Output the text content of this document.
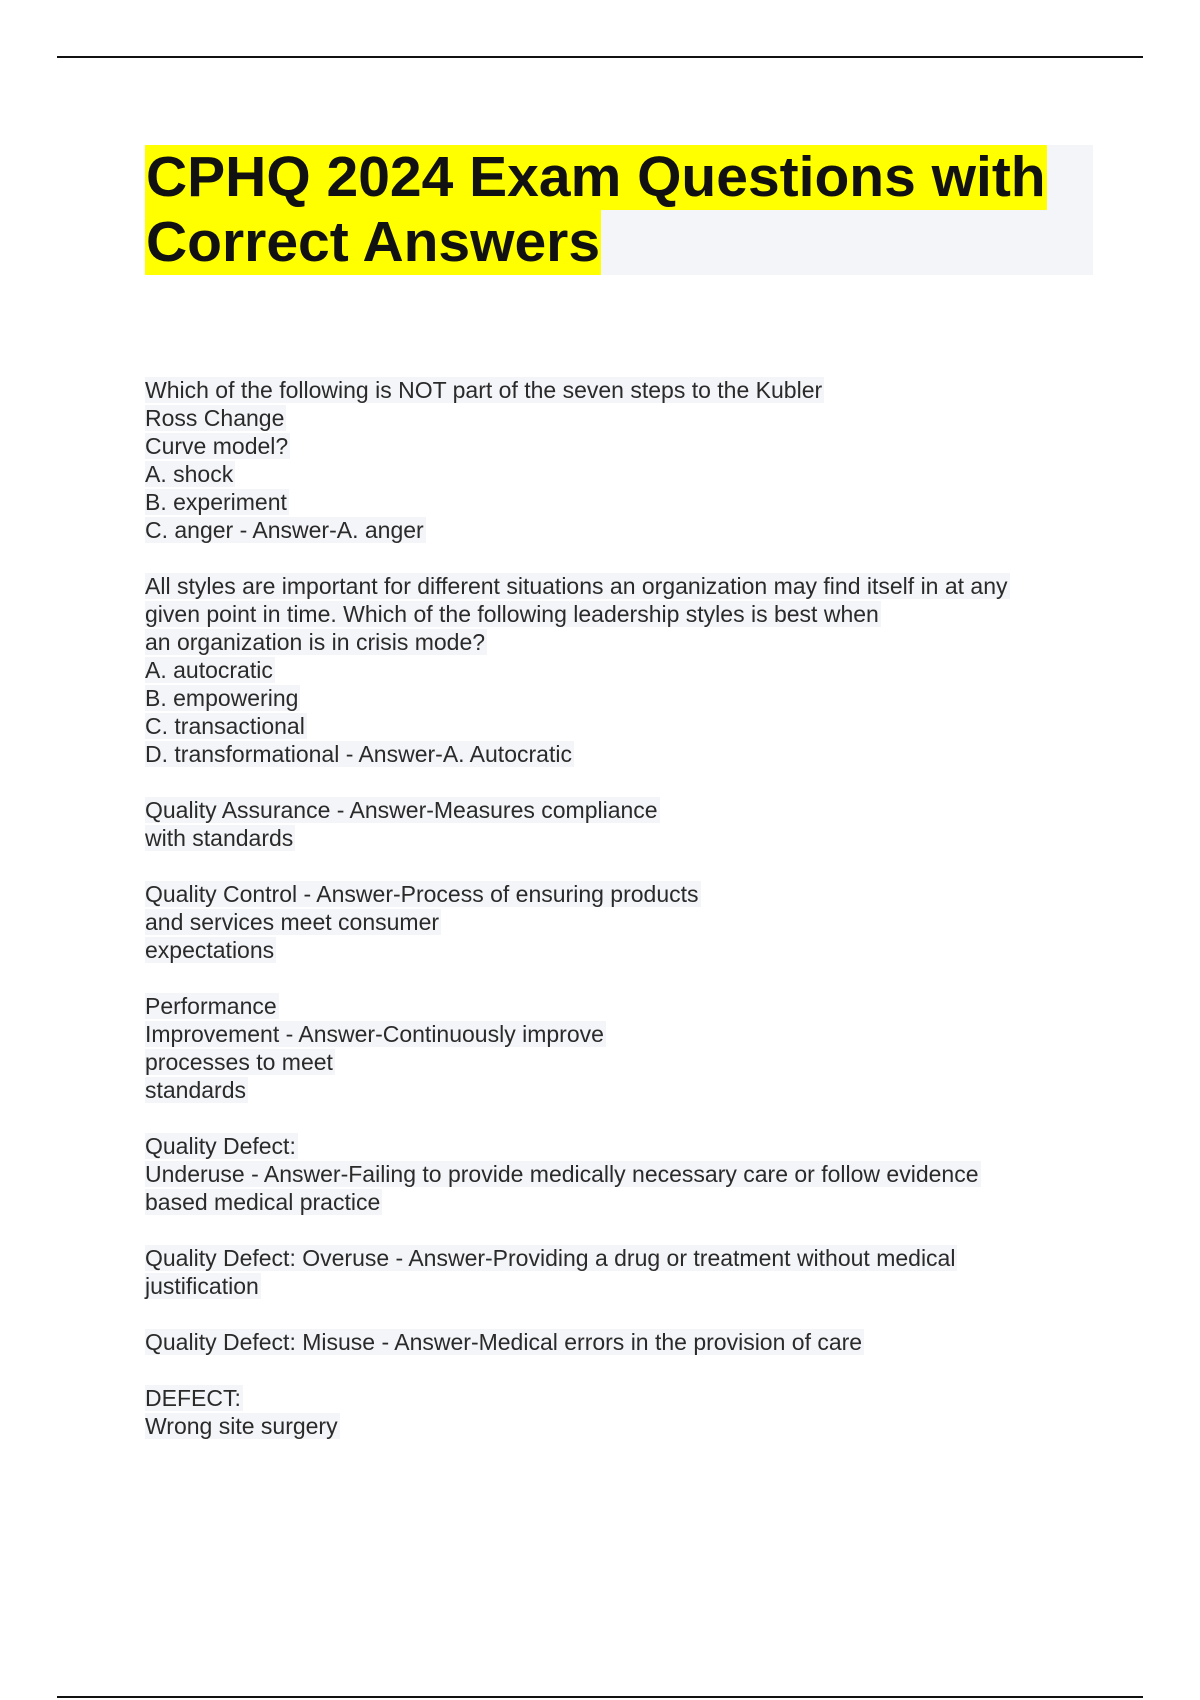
CPHQ 2024 Exam Questions with
Correct Answers
Which of the following is NOT part of the seven steps to the Kubler
Ross Change
Curve model?
A. shock
B. experiment
C. anger - Answer-A. anger
All styles are important for different situations an organization may find itself in at any
given point in time. Which of the following leadership styles is best when
an organization is in crisis mode?
A. autocratic
B. empowering
C. transactional
D. transformational - Answer-A. Autocratic
Quality Assurance - Answer-Measures compliance
with standards
Quality Control - Answer-Process of ensuring products
and services meet consumer
expectations
Performance
Improvement - Answer-Continuously improve
processes to meet
standards
Quality Defect:
Underuse - Answer-Failing to provide medically necessary care or follow evidence
based medical practice
Quality Defect: Overuse - Answer-Providing a drug or treatment without medical
justification
Quality Defect: Misuse - Answer-Medical errors in the provision of care
DEFECT:
Wrong site surgery
